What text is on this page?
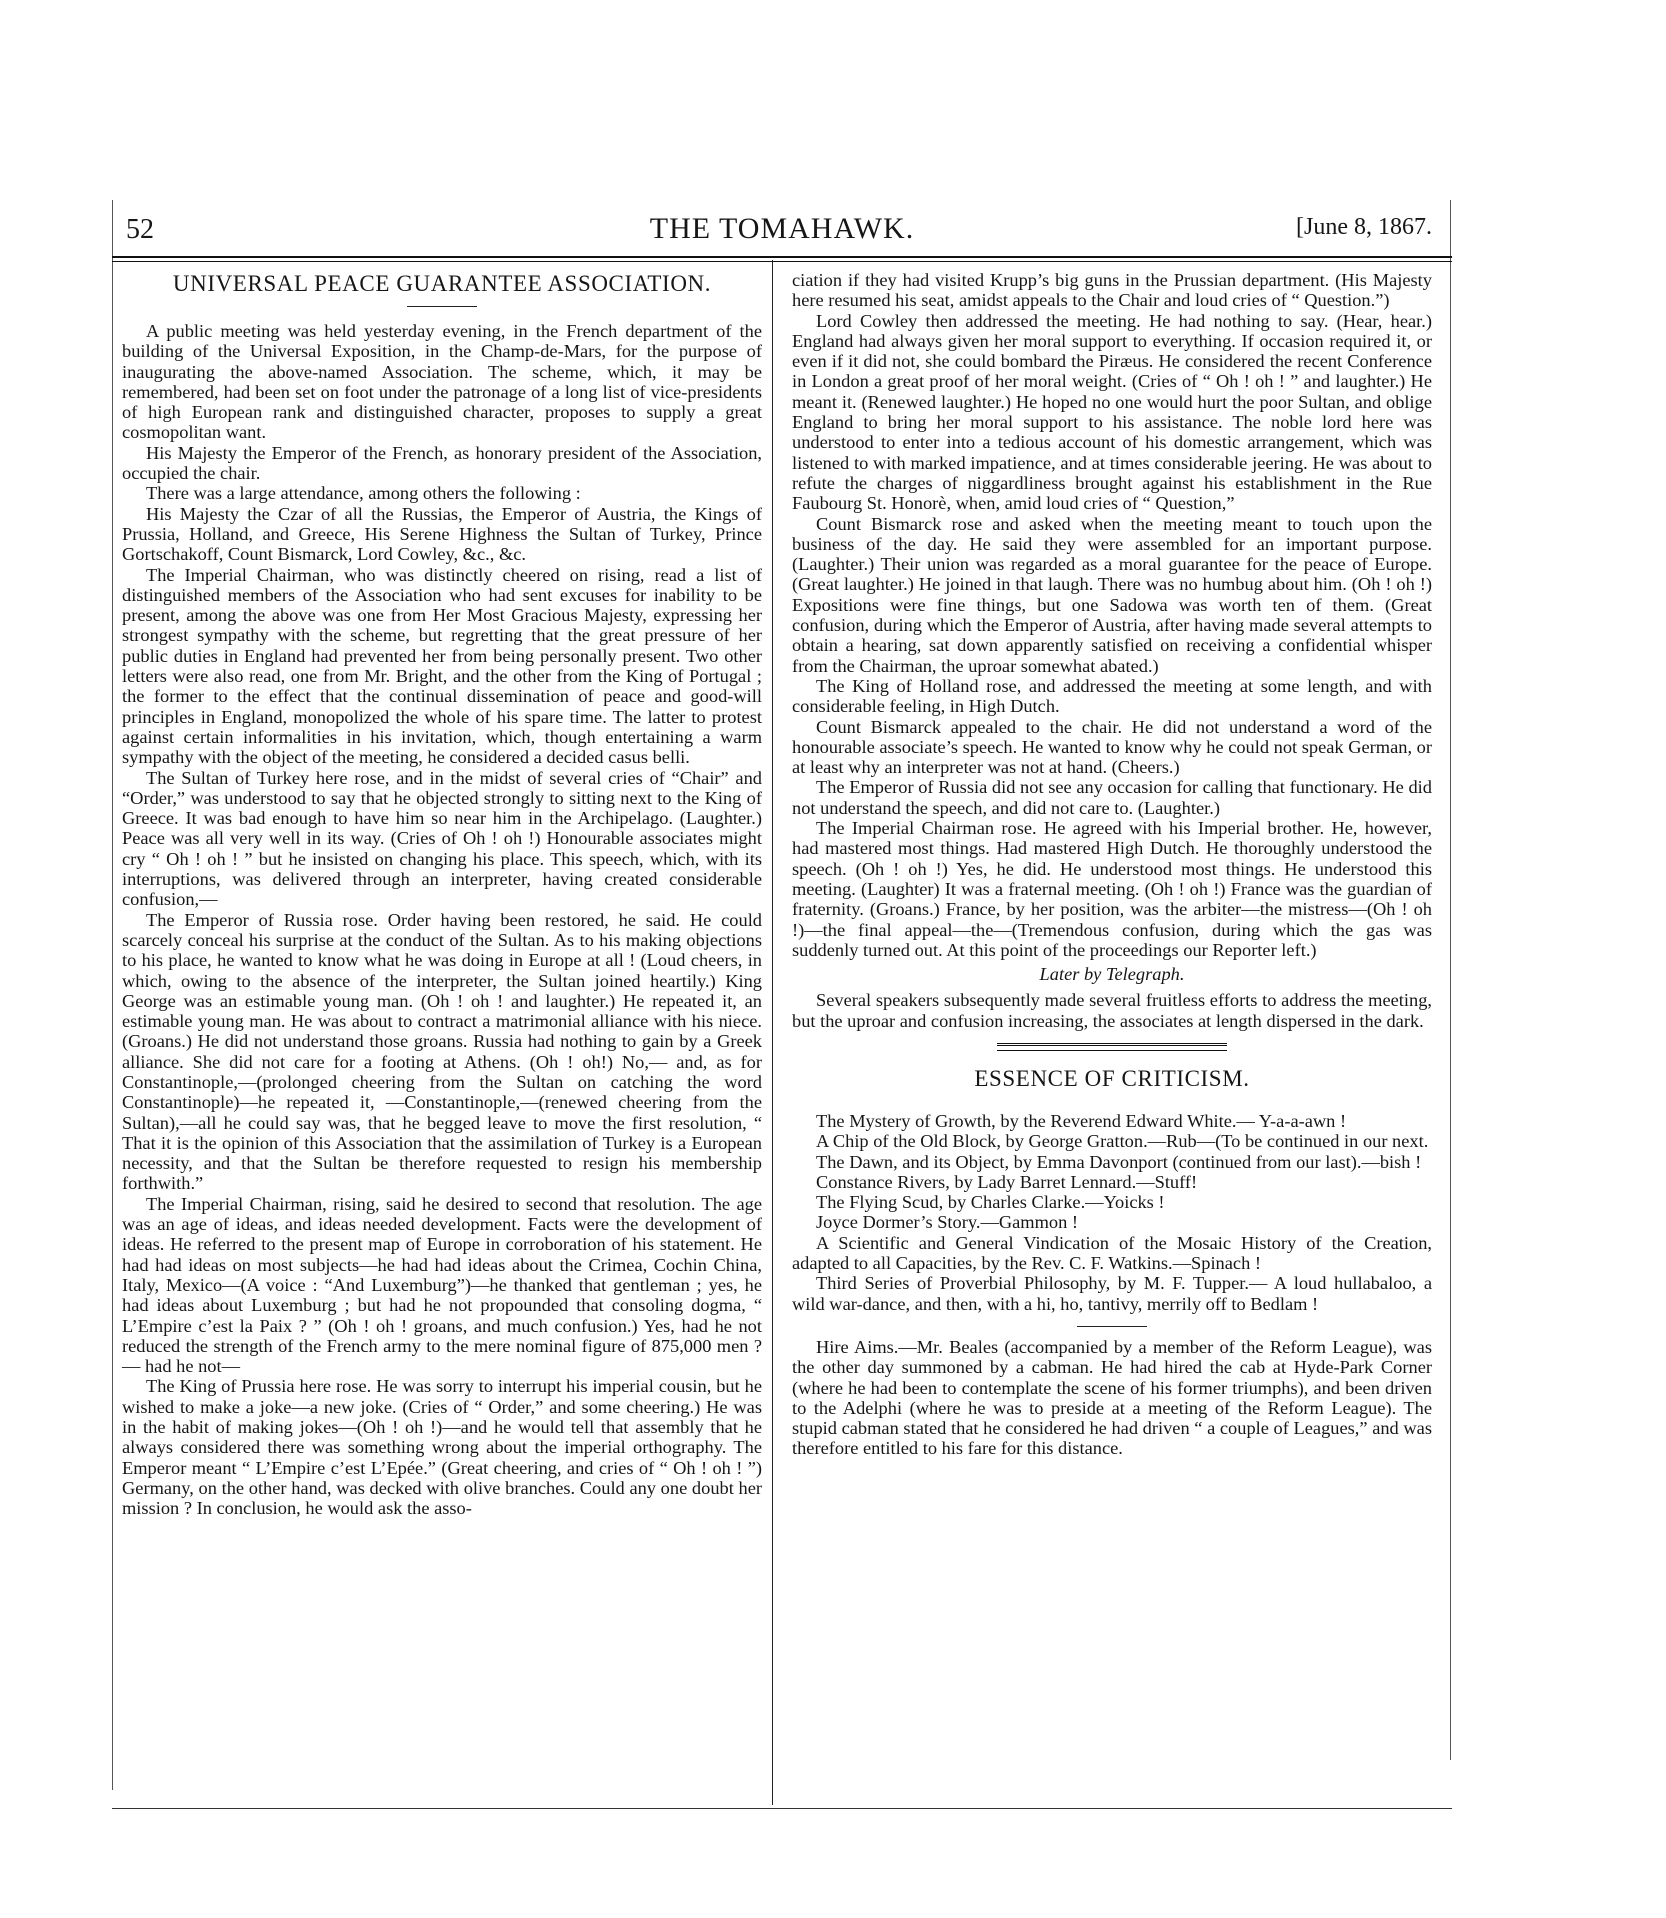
52	THE TOMAHAWK.	[June 8, 1867.
UNIVERSAL PEACE GUARANTEE ASSOCIATION.

A public meeting was held yesterday evening, in the French department of the building of the Universal Exposition, in the Champ-de-Mars, for the purpose of inaugurating the above-named Association. The scheme, which, it may be remembered, had been set on foot under the patronage of a long list of vice-presidents of high European rank and distinguished character, proposes to supply a great cosmopolitan want.

His Majesty the Emperor of the French, as honorary president of the Association, occupied the chair.

There was a large attendance, among others the following :

His Majesty the Czar of all the Russias, the Emperor of Austria, the Kings of Prussia, Holland, and Greece, His Serene Highness the Sultan of Turkey, Prince Gortschakoff, Count Bismarck, Lord Cowley, &c., &c.

The Imperial Chairman, who was distinctly cheered on rising, read a list of distinguished members of the Association who had sent excuses for inability to be present, among the above was one from Her Most Gracious Majesty, expressing her strongest sympathy with the scheme, but regretting that the great pressure of her public duties in England had prevented her from being personally present. Two other letters were also read, one from Mr. Bright, and the other from the King of Portugal ; the former to the effect that the continual dissemination of peace and good-will principles in England, monopolized the whole of his spare time. The latter to protest against certain informalities in his invitation, which, though entertaining a warm sympathy with the object of the meeting, he considered a decided casus belli.

The Sultan of Turkey here rose, and in the midst of several cries of “Chair” and “Order,” was understood to say that he objected strongly to sitting next to the King of Greece. It was bad enough to have him so near him in the Archipelago. (Laughter.) Peace was all very well in its way. (Cries of Oh ! oh !) Honourable associates might cry “ Oh ! oh ! ” but he insisted on changing his place. This speech, which, with its interruptions, was delivered through an interpreter, having created considerable confusion,—

The Emperor of Russia rose. Order having been restored, he said. He could scarcely conceal his surprise at the conduct of the Sultan. As to his making objections to his place, he wanted to know what he was doing in Europe at all ! (Loud cheers, in which, owing to the absence of the interpreter, the Sultan joined heartily.) King George was an estimable young man. (Oh ! oh ! and laughter.) He repeated it, an estimable young man. He was about to contract a matrimonial alliance with his niece. (Groans.) He did not understand those groans. Russia had nothing to gain by a Greek alliance. She did not care for a footing at Athens. (Oh ! oh!) No,— and, as for Constantinople,—(prolonged cheering from the Sultan on catching the word Constantinople)—he repeated it, —Constantinople,—(renewed cheering from the Sultan),—all he could say was, that he begged leave to move the first resolution, “ That it is the opinion of this Association that the assimilation of Turkey is a European necessity, and that the Sultan be therefore requested to resign his membership forthwith.”

The Imperial Chairman, rising, said he desired to second that resolution. The age was an age of ideas, and ideas needed development. Facts were the development of ideas. He referred to the present map of Europe in corroboration of his statement. He had had ideas on most subjects—he had had ideas about the Crimea, Cochin China, Italy, Mexico—(A voice : “And Luxemburg”)—he thanked that gentleman ; yes, he had ideas about Luxemburg ; but had he not propounded that consoling dogma, “ L’Empire c’est la Paix ? ” (Oh ! oh ! groans, and much confusion.) Yes, had he not reduced the strength of the French army to the mere nominal figure of 875,000 men ?— had he not—

The King of Prussia here rose. He was sorry to interrupt his imperial cousin, but he wished to make a joke—a new joke. (Cries of “ Order,” and some cheering.) He was in the habit of making jokes—(Oh ! oh !)—and he would tell that assembly that he always considered there was something wrong about the imperial orthography. The Emperor meant “ L’Empire c’est L’Epée.” (Great cheering, and cries of “ Oh ! oh ! ”) Germany, on the other hand, was decked with olive branches. Could any one doubt her mission ? In conclusion, he would ask the asso-

ciation if they had visited Krupp’s big guns in the Prussian department. (His Majesty here resumed his seat, amidst appeals to the Chair and loud cries of “ Question.”)

Lord Cowley then addressed the meeting. He had nothing to say. (Hear, hear.) England had always given her moral support to everything. If occasion required it, or even if it did not, she could bombard the Piræus. He considered the recent Conference in London a great proof of her moral weight. (Cries of “ Oh ! oh ! ” and laughter.) He meant it. (Renewed laughter.) He hoped no one would hurt the poor Sultan, and oblige England to bring her moral support to his assistance. The noble lord here was understood to enter into a tedious account of his domestic arrangement, which was listened to with marked impatience, and at times considerable jeering. He was about to refute the charges of niggardliness brought against his establishment in the Rue Faubourg St. Honorè, when, amid loud cries of “ Question,”

Count Bismarck rose and asked when the meeting meant to touch upon the business of the day. He said they were assembled for an important purpose. (Laughter.) Their union was regarded as a moral guarantee for the peace of Europe. (Great laughter.) He joined in that laugh. There was no humbug about him. (Oh ! oh !) Expositions were fine things, but one Sadowa was worth ten of them. (Great confusion, during which the Emperor of Austria, after having made several attempts to obtain a hearing, sat down apparently satisfied on receiving a confidential whisper from the Chairman, the uproar somewhat abated.)

The King of Holland rose, and addressed the meeting at some length, and with considerable feeling, in High Dutch.

Count Bismarck appealed to the chair. He did not understand a word of the honourable associate’s speech. He wanted to know why he could not speak German, or at least why an interpreter was not at hand. (Cheers.)

The Emperor of Russia did not see any occasion for calling that functionary. He did not understand the speech, and did not care to. (Laughter.)

The Imperial Chairman rose. He agreed with his Imperial brother. He, however, had mastered most things. Had mastered High Dutch. He thoroughly understood the speech. (Oh ! oh !) Yes, he did. He understood most things. He understood this meeting. (Laughter) It was a fraternal meeting. (Oh ! oh !) France was the guardian of fraternity. (Groans.) France, by her position, was the arbiter—the mistress—(Oh ! oh !)—the final appeal—the—(Tremendous confusion, during which the gas was suddenly turned out. At this point of the proceedings our Reporter left.)

Later by Telegraph.

Several speakers subsequently made several fruitless efforts to address the meeting, but the uproar and confusion increasing, the associates at length dispersed in the dark.

ESSENCE OF CRITICISM.

The Mystery of Growth, by the Reverend Edward White.— Y-a-a-awn !

A Chip of the Old Block, by George Gratton.—Rub—(To be continued in our next.

The Dawn, and its Object, by Emma Davonport (continued from our last).—bish !

Constance Rivers, by Lady Barret Lennard.—Stuff!

The Flying Scud, by Charles Clarke.—Yoicks !

Joyce Dormer’s Story.—Gammon !

A Scientific and General Vindication of the Mosaic History of the Creation, adapted to all Capacities, by the Rev. C. F. Watkins.—Spinach !

Third Series of Proverbial Philosophy, by M. F. Tupper.— A loud hullabaloo, a wild war-dance, and then, with a hi, ho, tantivy, merrily off to Bedlam !

Hire Aims.—Mr. Beales (accompanied by a member of the Reform League), was the other day summoned by a cabman. He had hired the cab at Hyde-Park Corner (where he had been to contemplate the scene of his former triumphs), and been driven to the Adelphi (where he was to preside at a meeting of the Reform League). The stupid cabman stated that he considered he had driven “ a couple of Leagues,” and was therefore entitled to his fare for this distance.
